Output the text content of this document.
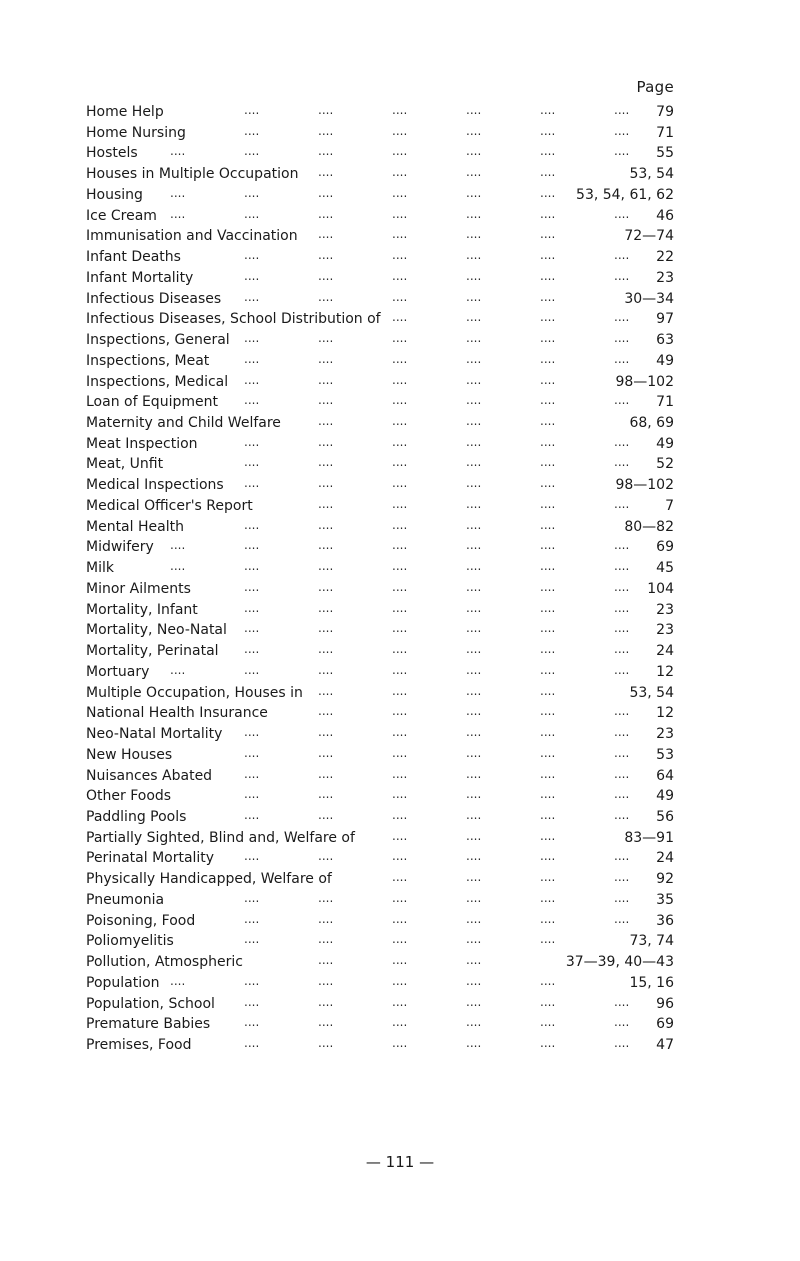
Page
....	....	....	....	....	....
Home Help	79
....	....	....	....	....	....
Home Nursing	71
....	....	....	....	....	....	....
Hostels	55
....	....	....	....
Houses in Multiple Occupation	53, 54
....	....	....	....	....	....
Housing	53, 54, 61, 62
....	....	....	....	....	....	....
Ice Cream	46
....	....	....	....
Immunisation and Vaccination	72—74
....	....	....	....	....	....
Infant Deaths	22
....	....	....	....	....	....
Infant Mortality	23
....	....	....	....	....
Infectious Diseases	30—34
....	....	....	....
Infectious Diseases, School Distribution of	97
....	....	....	....	....	....
Inspections, General	63
....	....	....	....	....	....
Inspections, Meat	49
....	....	....	....	....
Inspections, Medical	98—102
....	....	....	....	....	....
Loan of Equipment	71
....	....	....	....
Maternity and Child Welfare	68, 69
....	....	....	....	....	....
Meat Inspection	49
....	....	....	....	....	....
Meat, Unfit	52
....	....	....	....	....
Medical Inspections	98—102
....	....	....	....	....
Medical Officer's Report	7
....	....	....	....	....
Mental Health	80—82
....	....	....	....	....	....	....
Midwifery	69
....	....	....	....	....	....	....
Milk	45
....	....	....	....	....	....
Minor Ailments	104
....	....	....	....	....	....
Mortality, Infant	23
....	....	....	....	....	....
Mortality, Neo-Natal	23
....	....	....	....	....	....
Mortality, Perinatal	24
....	....	....	....	....	....	....
Mortuary	12
....	....	....	....
Multiple Occupation, Houses in	53, 54
....	....	....	....	....
National Health Insurance	12
....	....	....	....	....	....
Neo-Natal Mortality	23
....	....	....	....	....	....
New Houses	53
....	....	....	....	....	....
Nuisances Abated	64
....	....	....	....	....	....
Other Foods	49
....	....	....	....	....	....
Paddling Pools	56
....	....	....
Partially Sighted, Blind and, Welfare of	83—91
....	....	....	....	....	....
Perinatal Mortality	24
....	....	....	....
Physically Handicapped, Welfare of	92
....	....	....	....	....	....
Pneumonia	35
....	....	....	....	....	....
Poisoning, Food	36
....	....	....	....	....
Poliomyelitis	73, 74
....	....	....
Pollution, Atmospheric	37—39, 40—43
....	....	....	....	....	....
Population	15, 16
....	....	....	....	....	....
Population, School	96
....	....	....	....	....	....
Premature Babies	69
....	....	....	....	....	....
Premises, Food	47
— 111 —
